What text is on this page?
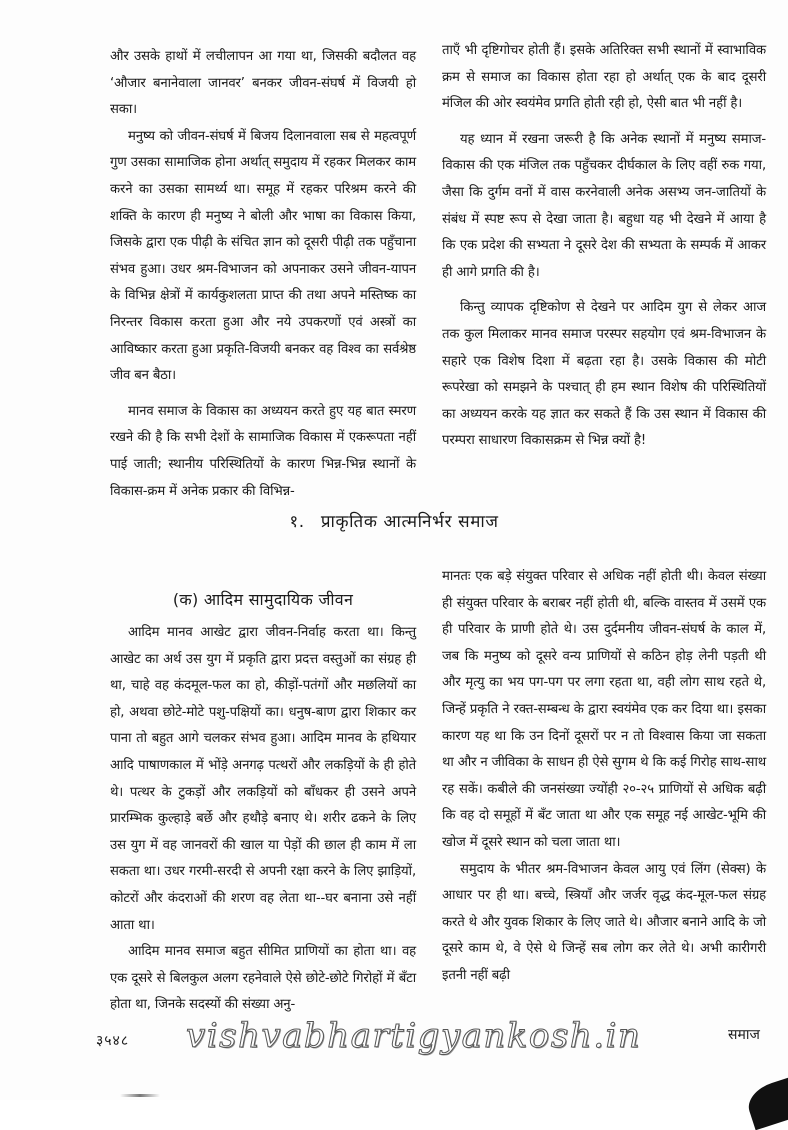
और उसके हाथों में लचीलापन आ गया था, जिसकी बदौलत वह ‘औजार बनानेवाला जानवर’ बनकर जीवन-संघर्ष में विजयी हो सका।

मनुष्य को जीवन-संघर्ष में बिजय दिलानवाला सब से महत्वपूर्ण गुण उसका सामाजिक होना अर्थात् समुदाय में रहकर मिलकर काम करने का उसका सामर्थ्य था। समूह में रहकर परिश्रम करने की शक्ति के कारण ही मनुष्य ने बोली और भाषा का विकास किया, जिसके द्वारा एक पीढ़ी के संचित ज्ञान को दूसरी पीढ़ी तक पहुँचाना संभव हुआ। उधर श्रम-विभाजन को अपनाकर उसने जीवन-यापन के विभिन्न क्षेत्रों में कार्यकुशलता प्राप्त की तथा अपने मस्तिष्क का निरन्तर विकास करता हुआ और नये उपकरणों एवं अस्त्रों का आविष्कार करता हुआ प्रकृति-विजयी बनकर वह विश्व का सर्वश्रेष्ठ जीव बन बैठा।

मानव समाज के विकास का अध्ययन करते हुए यह बात स्मरण रखने की है कि सभी देशों के सामाजिक विकास में एकरूपता नहीं पाई जाती; स्थानीय परिस्थितियों के कारण भिन्न-भिन्न स्थानों के विकास-क्रम में अनेक प्रकार की विभिन्न-

ताएँ भी दृष्टिगोचर होती हैं। इसके अतिरिक्त सभी स्थानों में स्वाभाविक क्रम से समाज का विकास होता रहा हो अर्थात् एक के बाद दूसरी मंजिल की ओर स्वयंमेव प्रगति होती रही हो, ऐसी बात भी नहीं है।

यह ध्यान में रखना जरूरी है कि अनेक स्थानों में मनुष्य समाज-विकास की एक मंजिल तक पहुँचकर दीर्घकाल के लिए वहीं रुक गया, जैसा कि दुर्गम वनों में वास करनेवाली अनेक असभ्य जन-जातियों के संबंध में स्पष्ट रूप से देखा जाता है। बहुधा यह भी देखने में आया है कि एक प्रदेश की सभ्यता ने दूसरे देश की सभ्यता के सम्पर्क में आकर ही आगे प्रगति की है।

किन्तु व्यापक दृष्टिकोण से देखने पर आदिम युग से लेकर आज तक कुल मिलाकर मानव समाज परस्पर सहयोग एवं श्रम-विभाजन के सहारे एक विशेष दिशा में बढ़ता रहा है। उसके विकास की मोटी रूपरेखा को समझने के पश्चात् ही हम स्थान विशेष की परिस्थितियों का अध्ययन करके यह ज्ञात कर सकते हैं कि उस स्थान में विकास की परम्परा साधारण विकासक्रम से भिन्न क्यों है!

१. प्राकृतिक आत्मनिर्भर समाज
(क) आदिम सामुदायिक जीवन

आदिम मानव आखेट द्वारा जीवन-निर्वाह करता था। किन्तु आखेट का अर्थ उस युग में प्रकृति द्वारा प्रदत्त वस्तुओं का संग्रह ही था, चाहे वह कंदमूल-फल का हो, कीड़ों-पतंगों और मछलियों का हो, अथवा छोटे-मोटे पशु-पक्षियों का। धनुष-बाण द्वारा शिकार कर पाना तो बहुत आगे चलकर संभव हुआ। आदिम मानव के हथियार आदि पाषाणकाल में भोंड़े अनगढ़ पत्थरों और लकड़ियों के ही होते थे। पत्थर के टुकड़ों और लकड़ियों को बाँधकर ही उसने अपने प्रारम्भिक कुल्हाड़े बर्छे और हथौड़े बनाए थे। शरीर ढकने के लिए उस युग में वह जानवरों की खाल या पेड़ों की छाल ही काम में ला सकता था। उधर गरमी-सरदी से अपनी रक्षा करने के लिए झाड़ियों, कोटरों और कंदराओं की शरण वह लेता था--घर बनाना उसे नहीं आता था।

आदिम मानव समाज बहुत सीमित प्राणियों का होता था। वह एक दूसरे से बिलकुल अलग रहनेवाले ऐसे छोटे-छोटे गिरोहों में बँटा होता था, जिनके सदस्यों की संख्या अनु-

मानतः एक बड़े संयुक्त परिवार से अधिक नहीं होती थी। केवल संख्या ही संयुक्त परिवार के बराबर नहीं होती थी, बल्कि वास्तव में उसमें एक ही परिवार के प्राणी होते थे। उस दुर्दमनीय जीवन-संघर्ष के काल में, जब कि मनुष्य को दूसरे वन्य प्राणियों से कठिन होड़ लेनी पड़ती थी और मृत्यु का भय पग-पग पर लगा रहता था, वही लोग साथ रहते थे, जिन्हें प्रकृति ने रक्त-सम्बन्ध के द्वारा स्वयंमेव एक कर दिया था। इसका कारण यह था कि उन दिनों दूसरों पर न तो विश्वास किया जा सकता था और न जीविका के साधन ही ऐसे सुगम थे कि कई गिरोह साथ-साथ रह सकें। कबीले की जनसंख्या ज्योंही २०-२५ प्राणियों से अधिक बढ़ी कि वह दो समूहों में बँट जाता था और एक समूह नई आखेट-भूमि की खोज में दूसरे स्थान को चला जाता था।

समुदाय के भीतर श्रम-विभाजन केवल आयु एवं लिंग (सेक्स) के आधार पर ही था। बच्चे, स्त्रियाँ और जर्जर वृद्ध कंद-मूल-फल संग्रह करते थे और युवक शिकार के लिए जाते थे। औजार बनाने आदि के जो दूसरे काम थे, वे ऐसे थे जिन्हें सब लोग कर लेते थे। अभी कारीगरी इतनी नहीं बढ़ी

३५४८ vishvabhartigyankosh.in	समाज
